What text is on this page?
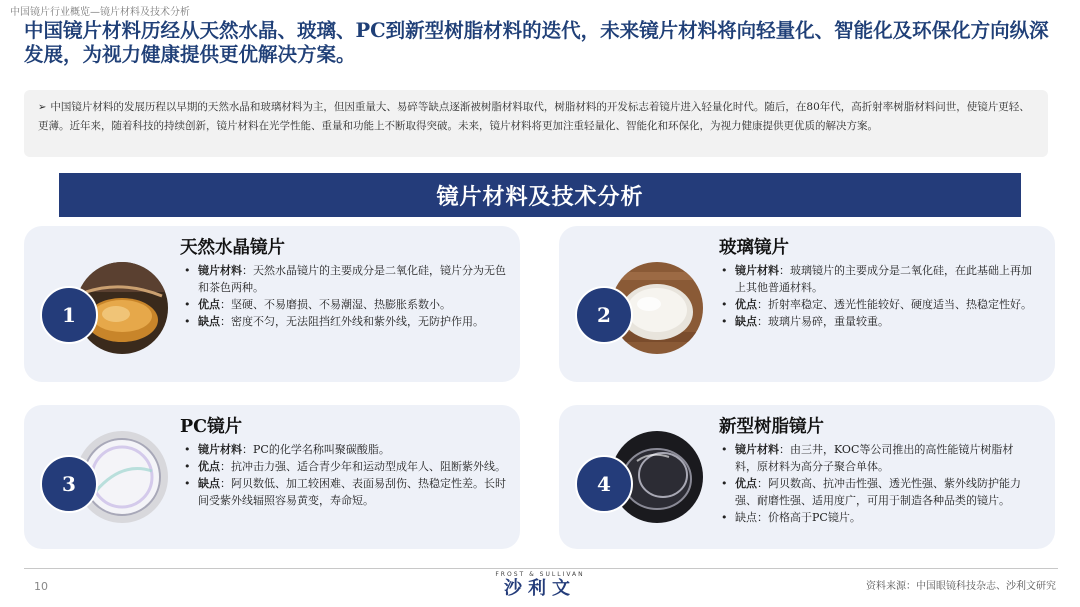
中国镜片行业概览—镜片材料及技术分析
中国镜片材料历经从天然水晶、玻璃、PC到新型树脂材料的迭代，未来镜片材料将向轻量化、智能化及环保化方向纵深发展，为视力健康提供更优解决方案。
➢ 中国镜片材料的发展历程以早期的天然水晶和玻璃材料为主，但因重量大、易碎等缺点逐渐被树脂材料取代，树脂材料的开发标志着镜片进入轻量化时代。随后，在80年代，高折射率树脂材料问世，使镜片更轻、更薄。近年来，随着科技的持续创新，镜片材料在光学性能、重量和功能上不断取得突破。未来，镜片材料将更加注重轻量化、智能化和环保化，为视力健康提供更优质的解决方案。
镜片材料及技术分析
1
天然水晶镜片
• 镜片材料：天然水晶镜片的主要成分是二氧化硅，镜片分为无色和茶色两种。
• 优点：坚硬、不易磨损、不易潮湿、热膨胀系数小。
• 缺点：密度不匀，无法阻挡红外线和紫外线，无防护作用。	2
玻璃镜片
• 镜片材料：玻璃镜片的主要成分是二氧化硅，在此基础上再加上其他普通材料。
• 优点：折射率稳定、透光性能较好、硬度适当、热稳定性好。
• 缺点：玻璃片易碎，重量较重。
3
PC镜片
• 镜片材料：PC的化学名称叫聚碳酸脂。
• 优点：抗冲击力强、适合青少年和运动型成年人、阻断紫外线。
• 缺点：阿贝数低、加工较困难、表面易刮伤、热稳定性差。长时间受紫外线辐照容易黄变，寿命短。
4
新型树脂镜片
• 镜片材料：由三井，KOC等公司推出的高性能镜片树脂材料，原材料为高分子聚合单体。
• 优点：阿贝数高、抗冲击性强、透光性强、紫外线防护能力强、耐磨性强、适用度广，可用于制造各种品类的镜片。
• 缺点：价格高于PC镜片。
10
FROST & SULLIVAN
沙利文	资料来源：中国眼镜科技杂志、沙利文研究
